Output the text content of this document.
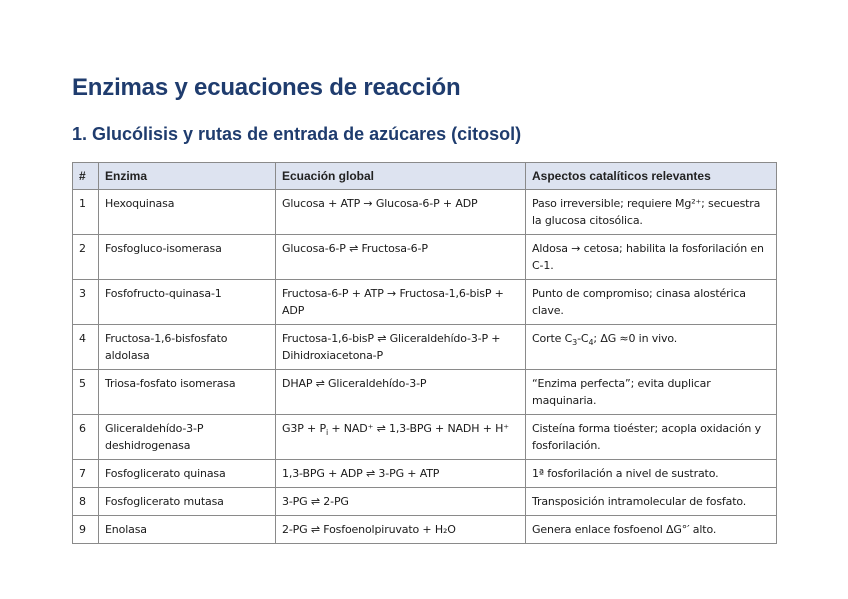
Enzimas y ecuaciones de reacción
1. Glucólisis y rutas de entrada de azúcares (citosol)
#	Enzima	Ecuación global	Aspectos catalíticos relevantes
1	Hexoquinasa	Glucosa + ATP → Glucosa-6-P + ADP	Paso irreversible; requiere Mg²⁺; secuestra la glucosa citosólica.
2	Fosfogluco-isomerasa	Glucosa-6-P ⇌ Fructosa-6-P	Aldosa → cetosa; habilita la fosforilación en C-1.
3	Fosfofructo-quinasa-1	Fructosa-6-P + ATP → Fructosa-1,6-bisP + ADP	Punto de compromiso; cinasa alostérica clave.
4	Fructosa-1,6-bisfosfato aldolasa	Fructosa-1,6-bisP ⇌ Gliceraldehído-3-P + Dihidroxiacetona-P	Corte $C_3-C_4$; ΔG ≈0 in vivo.
5	Triosa-fosfato isomerasa	DHAP ⇌ Gliceraldehído-3-P	“Enzima perfecta”; evita duplicar maquinaria.
6	Gliceraldehído-3-P deshidrogenasa	$G3P + P_i + NAD^+$ ⇌ 1,3-BPG + NADH + H⁺	Cisteína forma tioéster; acopla oxidación y fosforilación.
7	Fosfoglicerato quinasa	1,3-BPG + ADP ⇌ 3-PG + ATP	1ª fosforilación a nivel de sustrato.
8	Fosfoglicerato mutasa	3-PG ⇌ 2-PG	Transposición intramolecular de fosfato.
9	Enolasa	2-PG ⇌ Fosfoenolpiruvato + H₂O	Genera enlace fosfoenol ΔG°′ alto.
